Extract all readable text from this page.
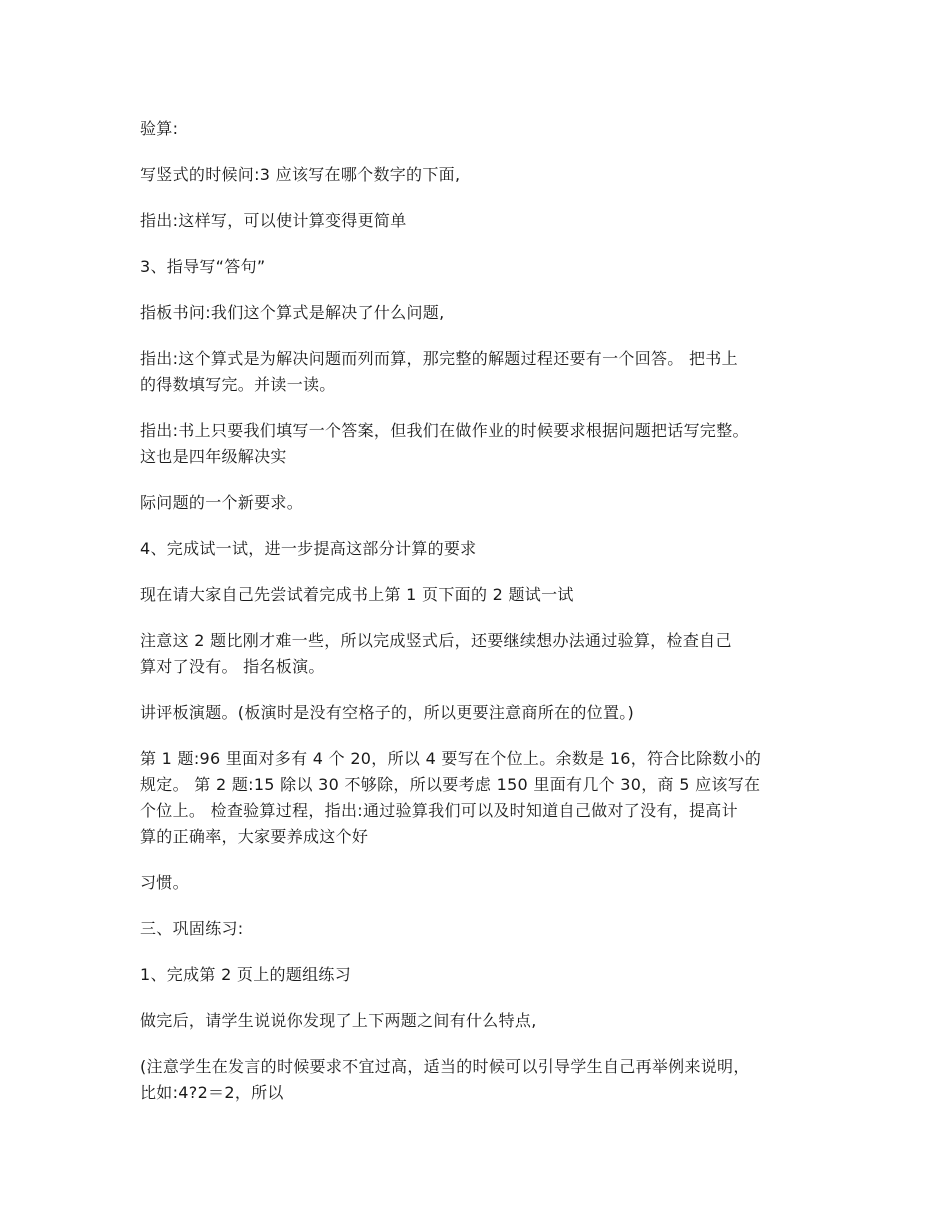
验算:

写竖式的时候问:3 应该写在哪个数字的下面,

指出:这样写，可以使计算变得更简单

3、指导写“答句”

指板书问:我们这个算式是解决了什么问题,

指出:这个算式是为解决问题而列而算，那完整的解题过程还要有一个回答。 把书上
的得数填写完。并读一读。

指出:书上只要我们填写一个答案，但我们在做作业的时候要求根据问题把话写完整。
这也是四年级解决实

际问题的一个新要求。

4、完成试一试，进一步提高这部分计算的要求

现在请大家自己先尝试着完成书上第 1 页下面的 2 题试一试

注意这 2 题比刚才难一些，所以完成竖式后，还要继续想办法通过验算，检查自己
算对了没有。 指名板演。

讲评板演题。(板演时是没有空格子的，所以更要注意商所在的位置。)

第 1 题:96 里面对多有 4 个 20，所以 4 要写在个位上。余数是 16，符合比除数小的
规定。 第 2 题:15 除以 30 不够除，所以要考虑 150 里面有几个 30，商 5 应该写在
个位上。 检查验算过程，指出:通过验算我们可以及时知道自己做对了没有，提高计
算的正确率，大家要养成这个好

习惯。

三、巩固练习:

1、完成第 2 页上的题组练习

做完后，请学生说说你发现了上下两题之间有什么特点,

(注意学生在发言的时候要求不宜过高，适当的时候可以引导学生自己再举例来说明，
比如:4?2＝2，所以
